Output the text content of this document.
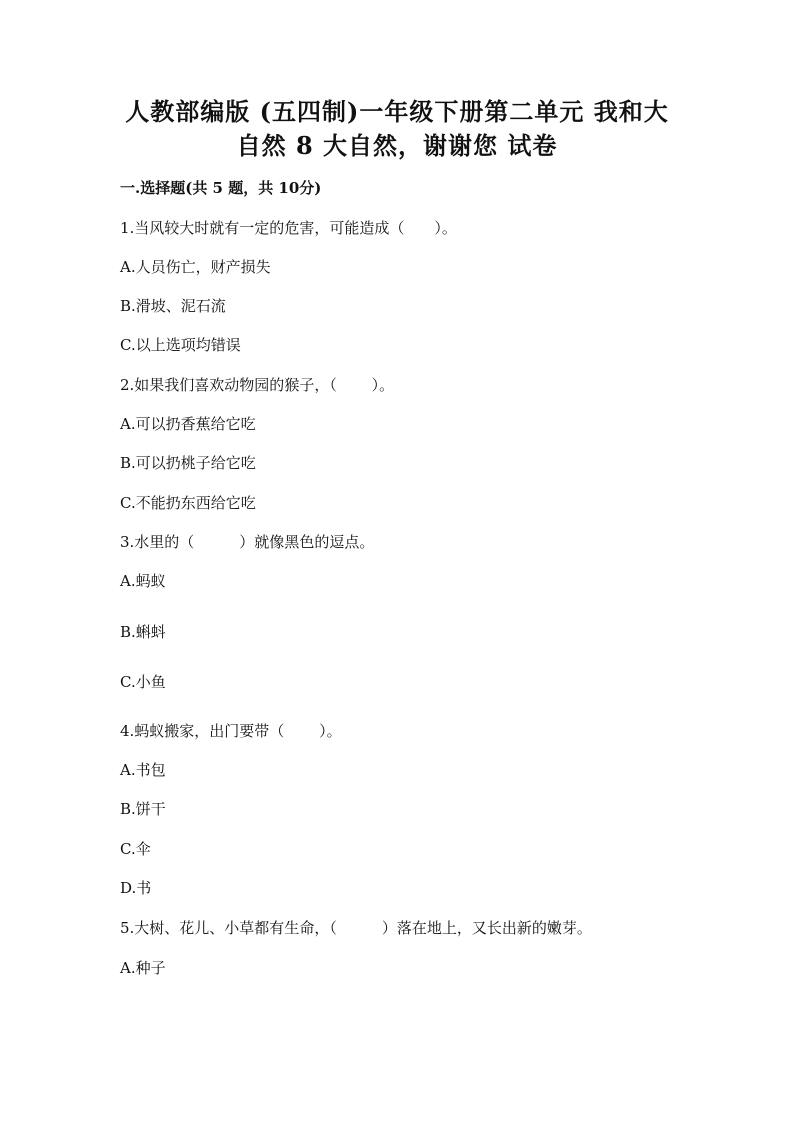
人教部编版 (五四制)一年级下册第二单元 我和大
自然 8 大自然，谢谢您 试卷
一.选择题(共 5 题，共 10分)
1.当风较大时就有一定的危害，可能造成（　　）。
A.人员伤亡，财产损失
B.滑坡、泥石流
C.以上选项均错误
2.如果我们喜欢动物园的猴子，（　　 ）。
A.可以扔香蕉给它吃
B.可以扔桃子给它吃
C.不能扔东西给它吃
3.水里的（　　　）就像黑色的逗点。
A.蚂蚁
B.蝌蚪
C.小鱼
4.蚂蚁搬家，出门要带（　　 ）。
A.书包
B.饼干
C.伞
D.书
5.大树、花儿、小草都有生命，（　　　）落在地上，又长出新的嫩芽。
A.种子
